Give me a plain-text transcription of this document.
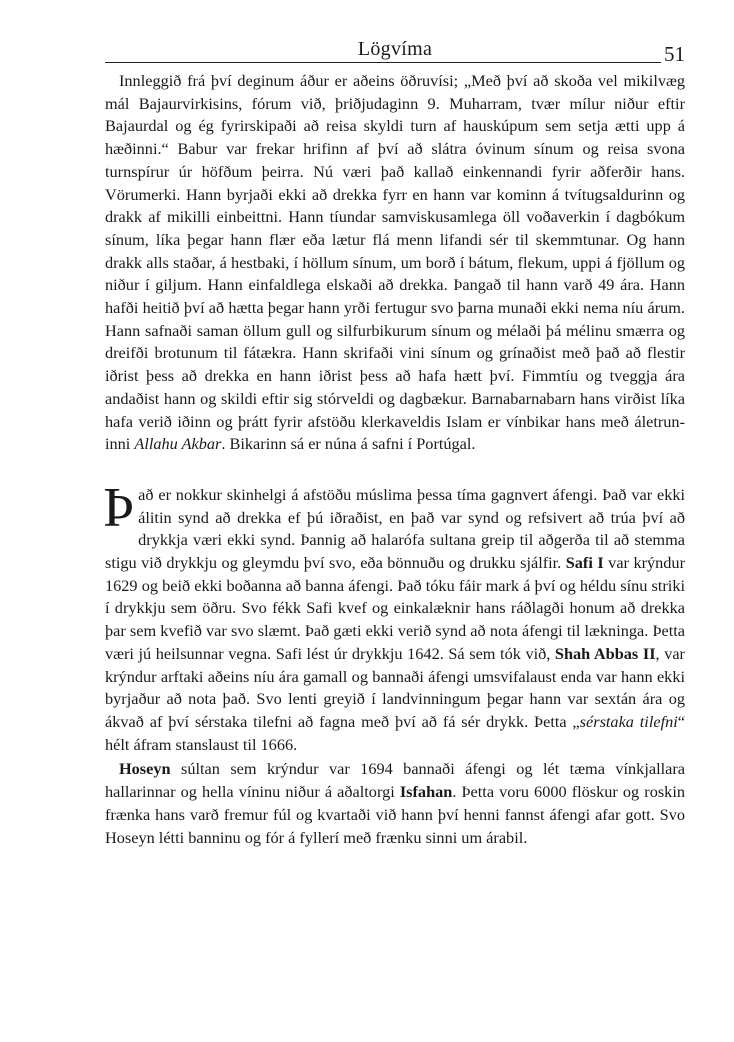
Lögvíma	51

Innleggið frá því deginum áður er aðeins öðruvísi; „Með því að skoða vel mikilvæg mál Bajaurvirkisins, fórum við, þriðjudaginn 9. Muharram, tvær mílur niður eftir Bajaurdal og ég fyrirskipaði að reisa skyldi turn af hauskúpum sem setja ætti upp á hæðinni.“ Babur var frekar hrifinn af því að slátra óvinum sínum og reisa svona turnspírur úr höfðum þeirra. Nú væri það kallað einkennandi fyrir aðferðir hans. Vörumerki. Hann byrjaði ekki að drekka fyrr en hann var kominn á tvítugsaldurinn og drakk af mikilli einbeittni. Hann tíundar samviskusamlega öll voðaverkin í dagbókum sínum, líka þegar hann flær eða lætur flá menn lifandi sér til skemmtunar. Og hann drakk alls staðar, á hestbaki, í höllum sínum, um borð í bátum, flekum, uppi á fjöllum og niður í giljum. Hann einfaldlega elskaði að drekka. Þangað til hann varð 49 ára. Hann hafði heitið því að hætta þegar hann yrði fertugur svo þarna munaði ekki nema níu árum. Hann safnaði saman öllum gull og silfurbikurum sínum og mélaði þá mélinu smærra og dreifði brotunum til fátækra. Hann skrifaði vini sínum og grínaðist með það að flestir iðrist þess að drekka en hann iðrist þess að hafa hætt því. Fimmtíu og tveggja ára andaðist hann og skildi eftir sig stórveldi og dagbækur. Barnabarnabarn hans virðist líka hafa verið iðinn og þrátt fyrir afstöðu klerkaveldis Islam er vínbikar hans með áletruninni Allahu Akbar. Bikarinn sá er núna á safni í Portúgal.

Það er nokkur skinhelgi á afstöðu múslima þessa tíma gagnvert áfengi. Það var ekki álitin synd að drekka ef þú iðraðist, en það var synd og refsivert að trúa því að drykkja væri ekki synd. Þannig að halarófa sultana greip til aðgerða til að stemma stigu við drykkju og gleymdu því svo, eða bönnuðu og drukku sjálfir. Safi I var krýndur 1629 og beið ekki boðanna að banna áfengi. Það tóku fáir mark á því og héldu sínu striki í drykkju sem öðru. Svo fékk Safi kvef og einkalæknir hans ráðlagði honum að drekka þar sem kvefið var svo slæmt. Það gæti ekki verið synd að nota áfengi til lækninga. Þetta væri jú heilsunnar vegna. Safi lést úr drykkju 1642. Sá sem tók við, Shah Abbas II, var krýndur arftaki aðeins níu ára gamall og bannaði áfengi umsvifalaust enda var hann ekki byrjaður að nota það. Svo lenti greyið í landvinningum þegar hann var sextán ára og ákvað af því sérstaka tilefni að fagna með því að fá sér drykk. Þetta „sérstaka tilefni“ hélt áfram stanslaust til 1666.

Hoseyn súltan sem krýndur var 1694 bannaði áfengi og lét tæma vínkjallara hallarinnar og hella víninu niður á aðaltorgi Isfahan. Þetta voru 6000 flöskur og roskin frænka hans varð fremur fúl og kvartaði við hann því henni fannst áfengi afar gott. Svo Hoseyn létti banninu og fór á fyllerí með frænku sinni um árabil.
